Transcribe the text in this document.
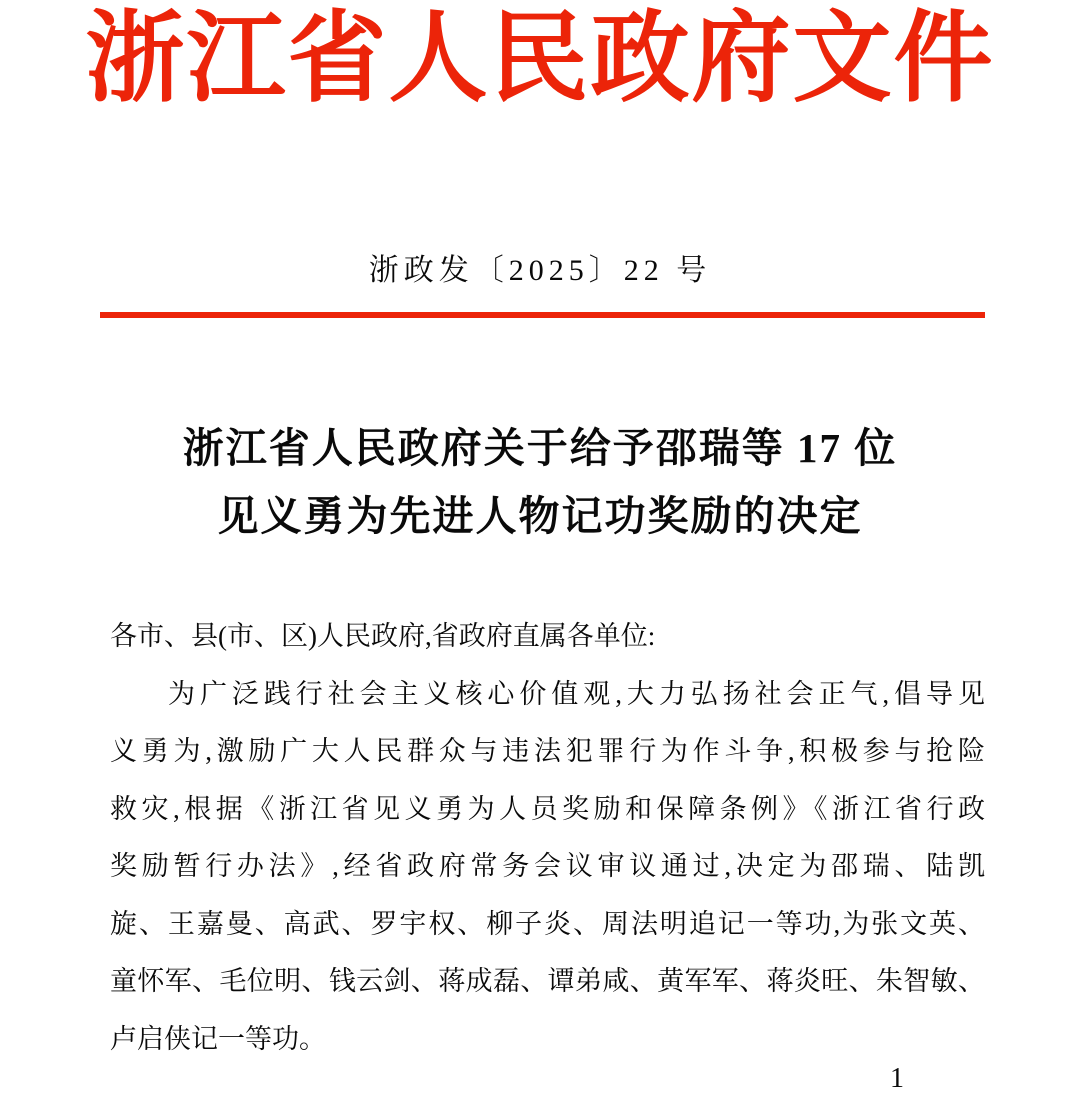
浙江省人民政府文件
浙政发〔2025〕22 号
浙江省人民政府关于给予邵瑞等 17 位
见义勇为先进人物记功奖励的决定
各市、县(市、区)人民政府,省政府直属各单位:
为广泛践行社会主义核心价值观,大力弘扬社会正气,倡导见
义勇为,激励广大人民群众与违法犯罪行为作斗争,积极参与抢险
救灾,根据《浙江省见义勇为人员奖励和保障条例》《浙江省行政
奖励暂行办法》,经省政府常务会议审议通过,决定为邵瑞、陆凯
旋、王嘉曼、高武、罗宇权、柳子炎、周法明追记一等功,为张文英、
童怀军、毛位明、钱云剑、蒋成磊、谭弟咸、黄军军、蒋炎旺、朱智敏、
卢启侠记一等功。
1
